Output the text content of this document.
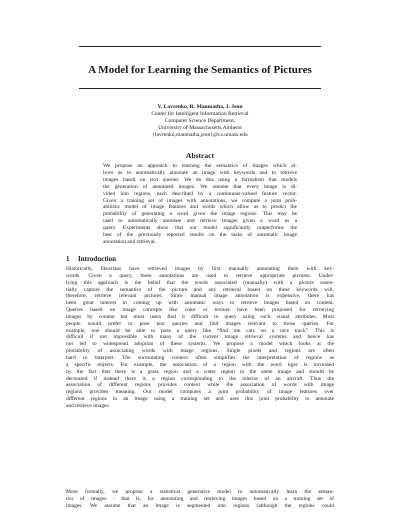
A Model for Learning the Semantics of Pictures
V. Lavrenko, R. Manmatha, J. Jeon
Center for Intelligent Information Retrieval
Computer Science Department,
University of Massachusetts Amherst
{lavrenko,manmatha,jeon}@cs.umass.edu
Abstract
We propose an approach to learning the semantics of images which al-
lows us to automatically annotate an image with keywords and to retrieve
images based on text queries. We do this using a formalism that models
the generation of annotated images. We assume that every image is di-
vided into regions, each described by a continuous-valued feature vector.
Given a training set of images with annotations, we compute a joint prob-
abilistic model of image features and words which allow us to predict the
probability of generating a word given the image regions. This may be
used to automatically annotate and retrieve images given a word as a
query. Experiments show that our model significantly outperforms the
best of the previously reported results on the tasks of automatic image
annotation and retrieval.
1 Introduction
Historically, librarians have retrieved images by first manually annotating them with key-
words. Given a query, these annotations are used to retrieve appropriate pictures. Under-
lying this approach is the belief that the words associated (manually) with a picture essen-
tially capture the semantics of the picture and any retrieval based on these keywords will,
therefore, retrieve relevant pictures. Since manual image annotation is expensive, there has
been great interest in coming up with automatic ways to retrieve images based on content.
Queries based on image concepts like color or texture have been proposed for retrieving
images by content but most users find it difficult to query using such visual attributes. Most
people would prefer to pose text queries and find images relevant to those queries. For
example, one should be able to pose a query like “find me cars on a race track”. This is
difficult if not impossible with many of the current image retrieval systems and hence has
not led to widespread adoption of these systems. We propose a model which looks at the
probability of associating words with image regions. Single pixels and regions are often
hard to interpret. The surrounding context often simplifies the interpretation of regions as
a specific objects. For example, the association of a region with the word tiger is increased
by the fact that there is a grass region and a water region in the same image and should be
decreased if instead there is a region corresponding to the interior of an aircraft. Thus the
association of different regions provides context while the association of words with image
regions provides meaning. Our model computes a joint probability of image features over
different regions in an image using a training set and uses this joint probability to annotate
and retrieve images.
More formally, we propose a statistical generative model to automatically learn the seman-
tics of images - that is, for annotating and retrieving images based on a training set of
images. We assume that an image is segmented into regions (although the regions could
